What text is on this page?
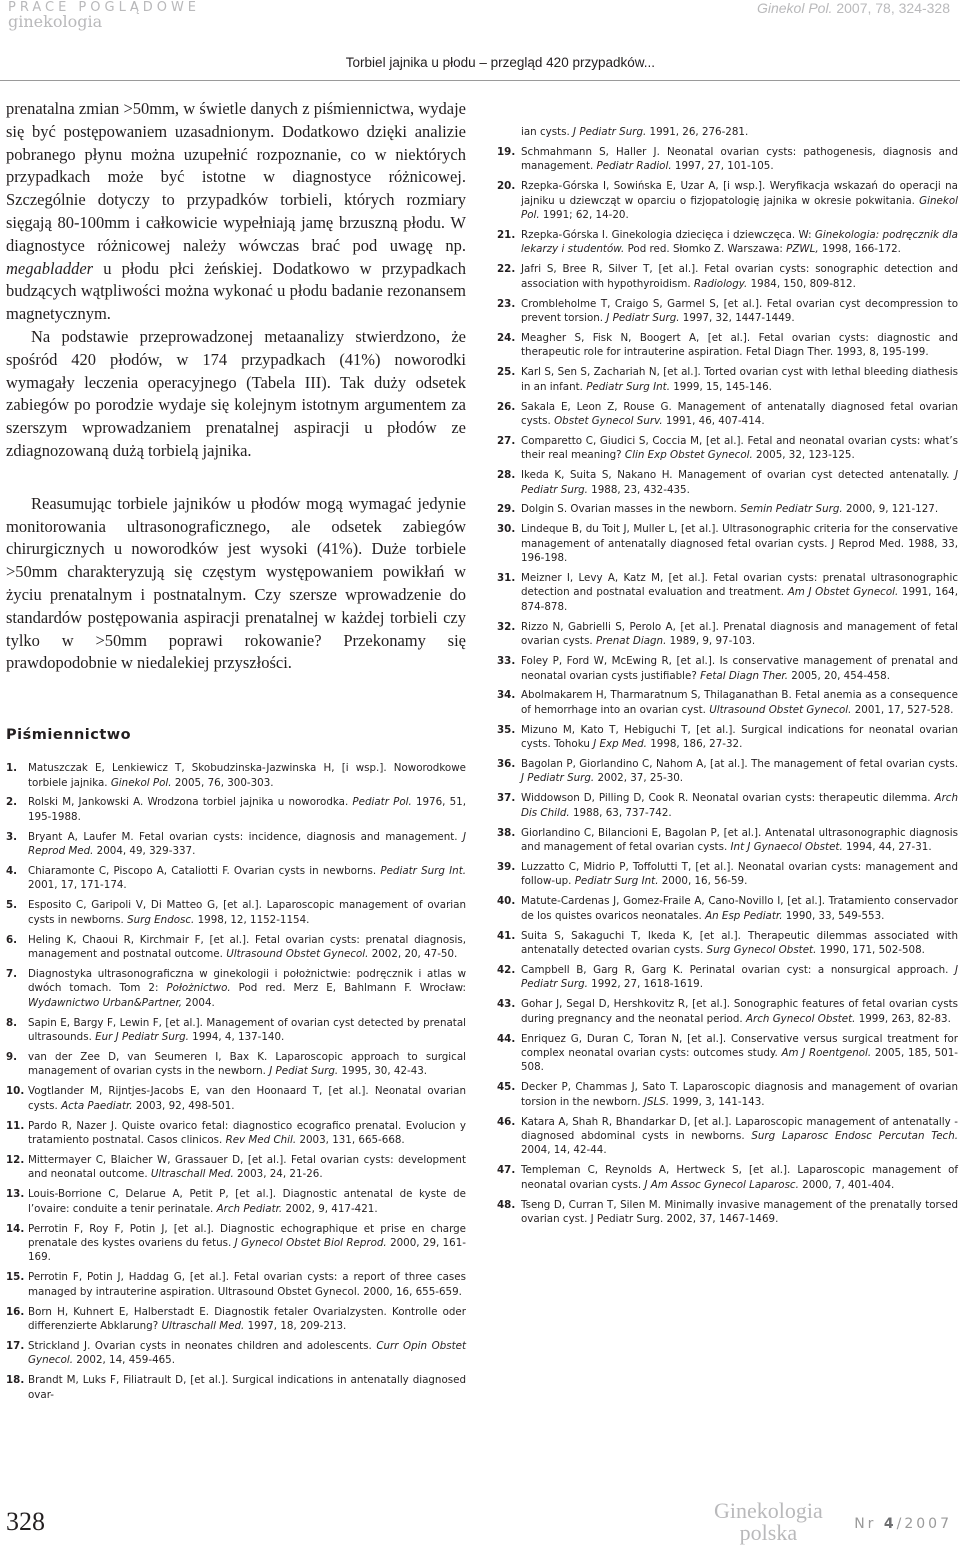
PRACE POGLĄDOWE
ginekologia
Ginekol Pol. 2007, 78, 324-328
Torbiel jajnika u płodu – przegląd 420 przypadków...

prenatalna zmian >50mm, w świetle danych z piśmiennictwa, wydaje się być postępowaniem uzasadnionym. Dodatkowo dzięki analizie pobranego płynu można uzupełnić rozpoznanie, co w niektórych przypadkach może być istotne w diagnostyce różnicowej. Szczególnie dotyczy to przypadków torbieli, których rozmiary sięgają 80-100mm i całkowicie wypełniają jamę brzuszną płodu. W diagnostyce różnicowej należy wówczas brać pod uwagę np. megabladder u płodu płci żeńskiej. Dodatkowo w przypadkach budzących wątpliwości można wykonać u płodu badanie rezonansem magnetycznym.

Na podstawie przeprowadzonej metaanalizy stwierdzono, że spośród 420 płodów, w 174 przypadkach (41%) noworodki wymagały leczenia operacyjnego (Tabela III). Tak duży odsetek zabiegów po porodzie wydaje się kolejnym istotnym argumentem za szerszym wprowadzaniem prenatalnej aspiracji u płodów ze zdiagnozowaną dużą torbielą jajnika.

Reasumując torbiele jajników u płodów mogą wymagać jedynie monitorowania ultrasonograficznego, ale odsetek zabiegów chirurgicznych u noworodków jest wysoki (41%). Duże torbiele >50mm charakteryzują się częstym występowaniem powikłań w życiu prenatalnym i postnatalnym. Czy szersze wprowadzenie do standardów postępowania aspiracji prenatalnej w każdej torbieli czy tylko w >50mm poprawi rokowanie? Przekonamy się prawdopodobnie w niedalekiej przyszłości.

Piśmiennictwo
1. Matuszczak E, Lenkiewicz T, Skobudzinska-Jazwinska H, [i wsp.]. Noworodkowe torbiele jajnika. Ginekol Pol. 2005, 76, 300-303.
2. Rolski M, Jankowski A. Wrodzona torbiel jajnika u noworodka. Pediatr Pol. 1976, 51, 195-1988.
3. Bryant A, Laufer M. Fetal ovarian cysts: incidence, diagnosis and management. J Reprod Med. 2004, 49, 329-337.
4. Chiaramonte C, Piscopo A, Cataliotti F. Ovarian cysts in newborns. Pediatr Surg Int. 2001, 17, 171-174.
5. Esposito C, Garipoli V, Di Matteo G, [et al.]. Laparoscopic management of ovarian cysts in newborns. Surg Endosc. 1998, 12, 1152-1154.
6. Heling K, Chaoui R, Kirchmair F, [et al.]. Fetal ovarian cysts: prenatal diagnosis, management and postnatal outcome. Ultrasound Obstet Gynecol. 2002, 20, 47-50.
7. Diagnostyka ultrasonograficzna w ginekologii i położnictwie: podręcznik i atlas w dwóch tomach. Tom 2: Położnictwo. Pod red. Merz E, Bahlmann F. Wrocław: Wydawnictwo Urban&Partner, 2004.
8. Sapin E, Bargy F, Lewin F, [et al.]. Management of ovarian cyst detected by prenatal ultrasounds. Eur J Pediatr Surg. 1994, 4, 137-140.
9. van der Zee D, van Seumeren I, Bax K. Laparoscopic approach to surgical management of ovarian cysts in the newborn. J Pediat Surg. 1995, 30, 42-43.
10. Vogtlander M, Rijntjes-Jacobs E, van den Hoonaard T, [et al.]. Neonatal ovarian cysts. Acta Paediatr. 2003, 92, 498-501.
11. Pardo R, Nazer J. Quiste ovarico fetal: diagnostico ecografico prenatal. Evolucion y tratamiento postnatal. Casos clinicos. Rev Med Chil. 2003, 131, 665-668.
12. Mittermayer C, Blaicher W, Grassauer D, [et al.]. Fetal ovarian cysts: development and neonatal outcome. Ultraschall Med. 2003, 24, 21-26.
13. Louis-Borrione C, Delarue A, Petit P, [et al.]. Diagnostic antenatal de kyste de l’ovaire: conduite a tenir perinatale. Arch Pediatr. 2002, 9, 417-421.
14. Perrotin F, Roy F, Potin J, [et al.]. Diagnostic echographique et prise en charge prenatale des kystes ovariens du fetus. J Gynecol Obstet Biol Reprod. 2000, 29, 161-169.
15. Perrotin F, Potin J, Haddag G, [et al.]. Fetal ovarian cysts: a report of three cases managed by intrauterine aspiration. Ultrasound Obstet Gynecol. 2000, 16, 655-659.
16. Born H, Kuhnert E, Halberstadt E. Diagnostik fetaler Ovarialzysten. Kontrolle oder differenzierte Abklarung? Ultraschall Med. 1997, 18, 209-213.
17. Strickland J. Ovarian cysts in neonates children and adolescents. Curr Opin Obstet Gynecol. 2002, 14, 459-465.
18. Brandt M, Luks F, Filiatrault D, [et al.]. Surgical indications in antenatally diagnosed ovar-
ian cysts. J Pediatr Surg. 1991, 26, 276-281.
19. Schmahmann S, Haller J. Neonatal ovarian cysts: pathogenesis, diagnosis and management. Pediatr Radiol. 1997, 27, 101-105.
20. Rzepka-Górska I, Sowińska E, Uzar A, [i wsp.]. Weryfikacja wskazań do operacji na jajniku u dziewcząt w oparciu o fizjopatologię jajnika w okresie pokwitania. Ginekol Pol. 1991; 62, 14-20.
21. Rzepka-Górska I. Ginekologia dziecięca i dziewczęca. W: Ginekologia: podręcznik dla lekarzy i studentów. Pod red. Słomko Z. Warszawa: PZWL, 1998, 166-172.
22. Jafri S, Bree R, Silver T, [et al.]. Fetal ovarian cysts: sonographic detection and association with hypothyroidism. Radiology. 1984, 150, 809-812.
23. Crombleholme T, Craigo S, Garmel S, [et al.]. Fetal ovarian cyst decompression to prevent torsion. J Pediatr Surg. 1997, 32, 1447-1449.
24. Meagher S, Fisk N, Boogert A, [et al.]. Fetal ovarian cysts: diagnostic and therapeutic role for intrauterine aspiration. Fetal Diagn Ther. 1993, 8, 195-199.
25. Karl S, Sen S, Zachariah N, [et al.]. Torted ovarian cyst with lethal bleeding diathesis in an infant. Pediatr Surg Int. 1999, 15, 145-146.
26. Sakala E, Leon Z, Rouse G. Management of antenatally diagnosed fetal ovarian cysts. Obstet Gynecol Surv. 1991, 46, 407-414.
27. Comparetto C, Giudici S, Coccia M, [et al.]. Fetal and neonatal ovarian cysts: what’s their real meaning? Clin Exp Obstet Gynecol. 2005, 32, 123-125.
28. Ikeda K, Suita S, Nakano H. Management of ovarian cyst detected antenatally. J Pediatr Surg. 1988, 23, 432-435.
29. Dolgin S. Ovarian masses in the newborn. Semin Pediatr Surg. 2000, 9, 121-127.
30. Lindeque B, du Toit J, Muller L, [et al.]. Ultrasonographic criteria for the conservative management of antenatally diagnosed fetal ovarian cysts. J Reprod Med. 1988, 33, 196-198.
31. Meizner I, Levy A, Katz M, [et al.]. Fetal ovarian cysts: prenatal ultrasonographic detection and postnatal evaluation and treatment. Am J Obstet Gynecol. 1991, 164, 874-878.
32. Rizzo N, Gabrielli S, Perolo A, [et al.]. Prenatal diagnosis and management of fetal ovarian cysts. Prenat Diagn. 1989, 9, 97-103.
33. Foley P, Ford W, McEwing R, [et al.]. Is conservative management of prenatal and neonatal ovarian cysts justifiable? Fetal Diagn Ther. 2005, 20, 454-458.
34. Abolmakarem H, Tharmaratnum S, Thilaganathan B. Fetal anemia as a consequence of hemorrhage into an ovarian cyst. Ultrasound Obstet Gynecol. 2001, 17, 527-528.
35. Mizuno M, Kato T, Hebiguchi T, [et al.]. Surgical indications for neonatal ovarian cysts. Tohoku J Exp Med. 1998, 186, 27-32.
36. Bagolan P, Giorlandino C, Nahom A, [at al.]. The management of fetal ovarian cysts. J Pediatr Surg. 2002, 37, 25-30.
37. Widdowson D, Pilling D, Cook R. Neonatal ovarian cysts: therapeutic dilemma. Arch Dis Child. 1988, 63, 737-742.
38. Giorlandino C, Bilancioni E, Bagolan P, [et al.]. Antenatal ultrasonographic diagnosis and management of fetal ovarian cysts. Int J Gynaecol Obstet. 1994, 44, 27-31.
39. Luzzatto C, Midrio P, Toffolutti T, [et al.]. Neonatal ovarian cysts: management and follow-up. Pediatr Surg Int. 2000, 16, 56-59.
40. Matute-Cardenas J, Gomez-Fraile A, Cano-Novillo I, [et al.]. Tratamiento conservador de los quistes ovaricos neonatales. An Esp Pediatr. 1990, 33, 549-553.
41. Suita S, Sakaguchi T, Ikeda K, [et al.]. Therapeutic dilemmas associated with antenatally detected ovarian cysts. Surg Gynecol Obstet. 1990, 171, 502-508.
42. Campbell B, Garg R, Garg K. Perinatal ovarian cyst: a nonsurgical approach. J Pediatr Surg. 1992, 27, 1618-1619.
43. Gohar J, Segal D, Hershkovitz R, [et al.]. Sonographic features of fetal ovarian cysts during pregnancy and the neonatal period. Arch Gynecol Obstet. 1999, 263, 82-83.
44. Enriquez G, Duran C, Toran N, [et al.]. Conservative versus surgical treatment for complex neonatal ovarian cysts: outcomes study. Am J Roentgenol. 2005, 185, 501-508.
45. Decker P, Chammas J, Sato T. Laparoscopic diagnosis and management of ovarian torsion in the newborn. JSLS. 1999, 3, 141-143.
46. Katara A, Shah R, Bhandarkar D, [et al.]. Laparoscopic management of antenatally - diagnosed abdominal cysts in newborns. Surg Laparosc Endosc Percutan Tech. 2004, 14, 42-44.
47. Templeman C, Reynolds A, Hertweck S, [et al.]. Laparoscopic management of neonatal ovarian cysts. J Am Assoc Gynecol Laparosc. 2000, 7, 401-404.
48. Tseng D, Curran T, Silen M. Minimally invasive management of the prenatally torsed ovarian cyst. J Pediatr Surg. 2002, 37, 1467-1469.
328	Ginekologia
polska	Nr 4/2007
